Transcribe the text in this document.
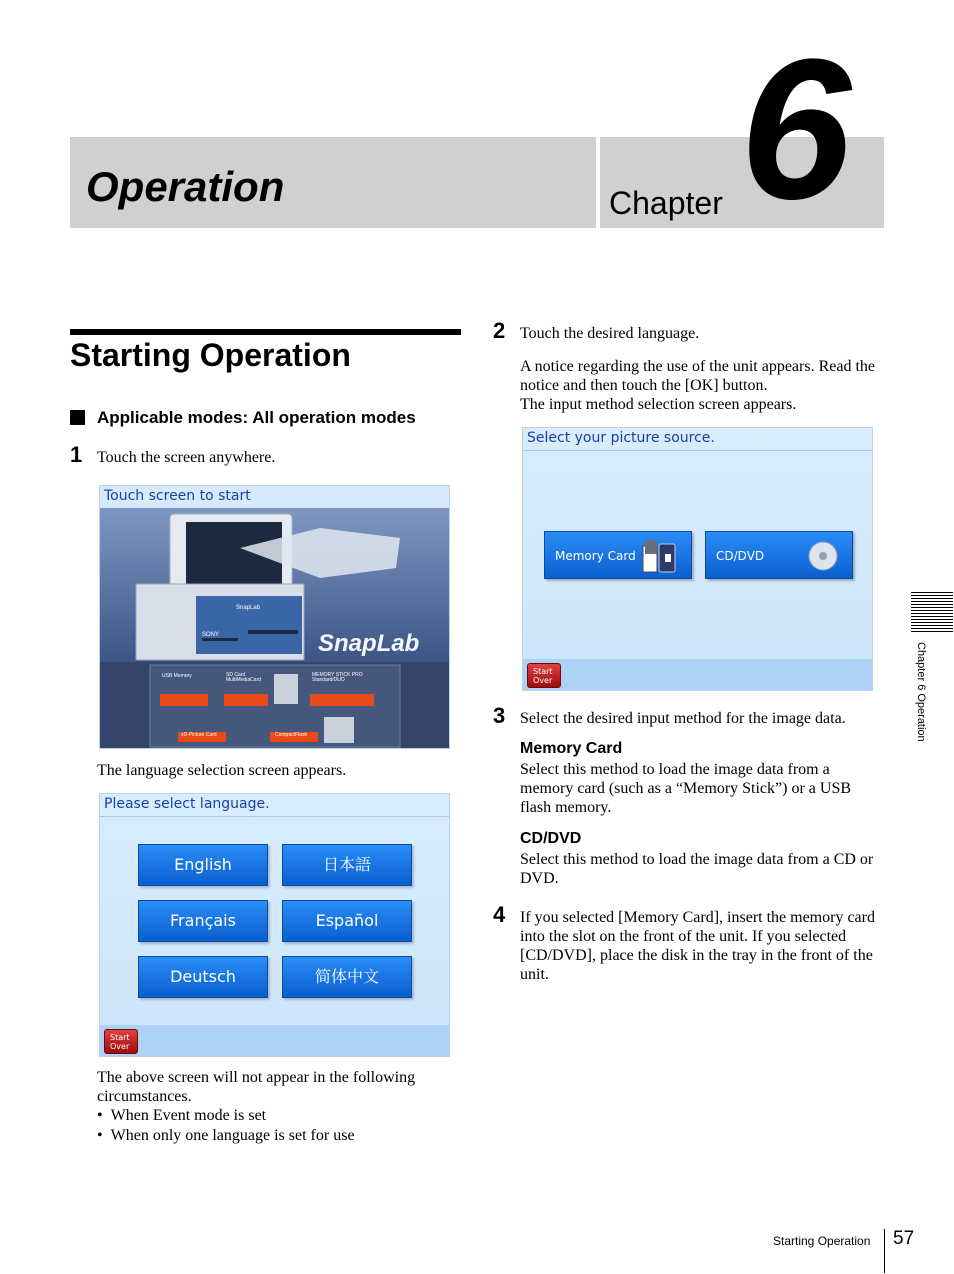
Operation	Chapter 6
Starting Operation
Applicable modes: All operation modes
1 Touch the screen anywhere.
Touch screen to start
SONY
SnapLab
SnapLab
USB Memory	SD Card MultiMediaCard
MEMORY STICK PRO Standard/DUO
xD-Picture Card	CompactFlash
The language selection screen appears.
Please select language.
English	日本語
Français	Español
Deutsch	简体中文
Start Over
The above screen will not appear in the following circumstances.
•  When Event mode is set
•  When only one language is set for use
2 Touch the desired language.
A notice regarding the use of the unit appears. Read the notice and then touch the [OK] button.
The input method selection screen appears.
Select your picture source.
Memory Card	CD/DVD
Start Over
3 Select the desired input method for the image data.
Memory Card
Select this method to load the image data from a memory card (such as a “Memory Stick”) or a USB flash memory.
CD/DVD
Select this method to load the image data from a CD or DVD.
4 If you selected [Memory Card], insert the memory card into the slot on the front of the unit. If you selected [CD/DVD], place the disk in the tray in the front of the unit.
Chapter 6 Operation
Starting Operation 57
